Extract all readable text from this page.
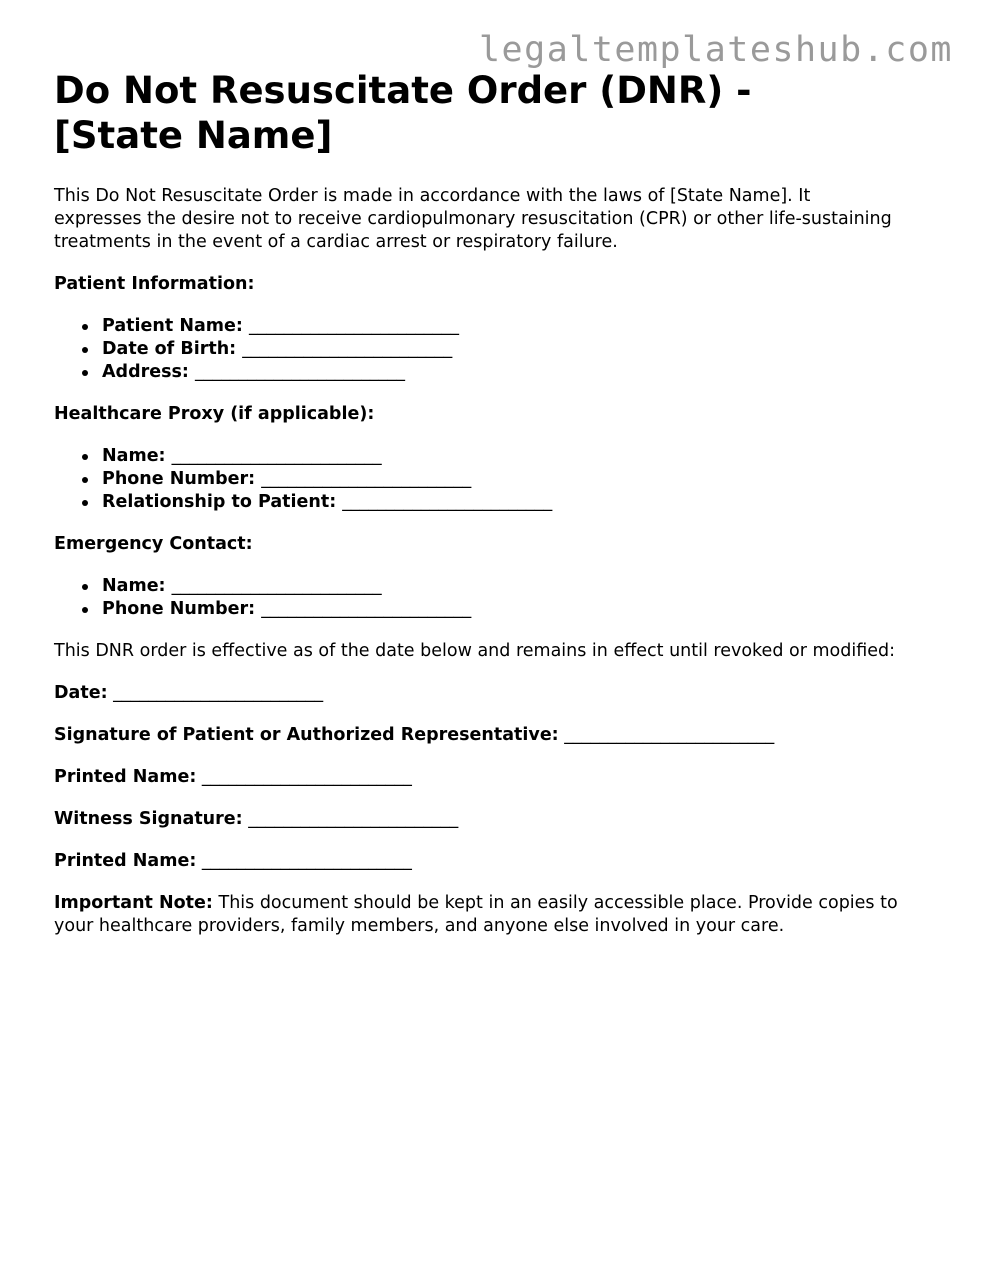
legaltemplateshub.com
Do Not Resuscitate Order (DNR) - [State Name]

This Do Not Resuscitate Order is made in accordance with the laws of [State Name]. It expresses the desire not to receive cardiopulmonary resuscitation (CPR) or other life-sustaining treatments in the event of a cardiac arrest or respiratory failure.

Patient Information:

Patient Name: ________________________
Date of Birth: ________________________
Address: ________________________

Healthcare Proxy (if applicable):

Name: ________________________
Phone Number: ________________________
Relationship to Patient: ________________________

Emergency Contact:

Name: ________________________
Phone Number: ________________________

This DNR order is effective as of the date below and remains in effect until revoked or modified:

Date: ________________________

Signature of Patient or Authorized Representative: ________________________

Printed Name: ________________________

Witness Signature: ________________________

Printed Name: ________________________

Important Note: This document should be kept in an easily accessible place. Provide copies to your healthcare providers, family members, and anyone else involved in your care.
